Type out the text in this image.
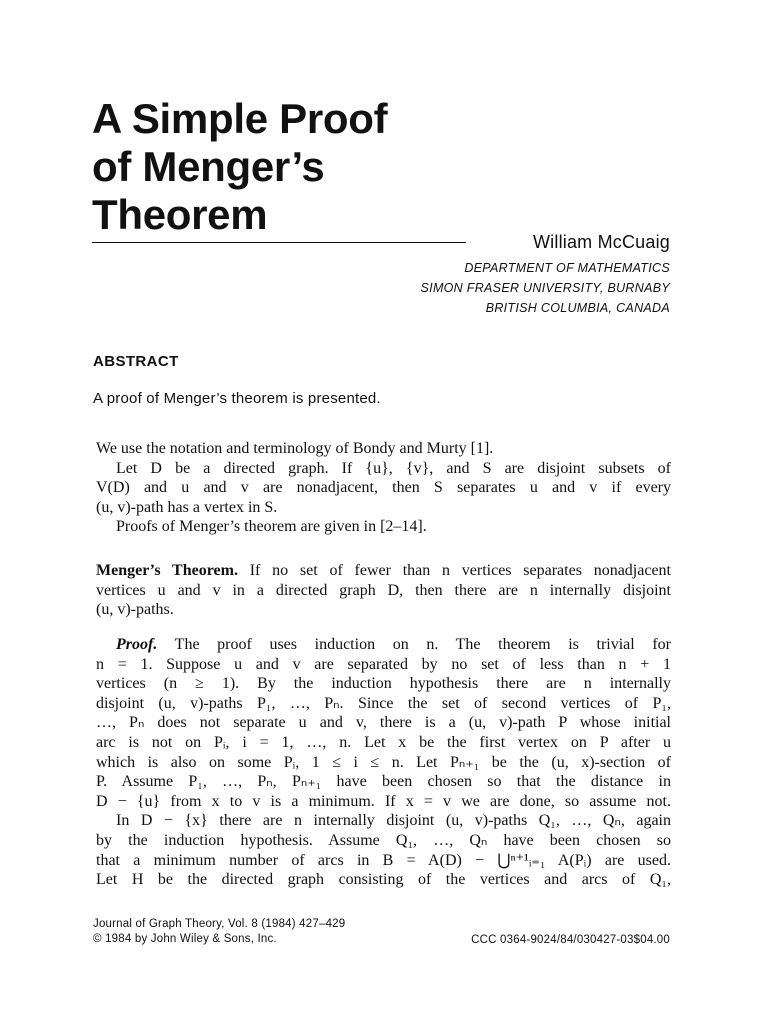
A Simple Proof
of Menger’s
Theorem
William McCuaig
DEPARTMENT OF MATHEMATICS
SIMON FRASER UNIVERSITY, BURNABY
BRITISH COLUMBIA, CANADA
ABSTRACT
A proof of Menger’s theorem is presented.

We use the notation and terminology of Bondy and Murty [1].
Let D be a directed graph. If {u}, {v}, and S are disjoint subsets of
V(D) and u and v are nonadjacent, then S separates u and v if every
(u, v)-path has a vertex in S.
Proofs of Menger’s theorem are given in [2–14].

Menger’s Theorem. If no set of fewer than n vertices separates nonadjacent
vertices u and v in a directed graph D, then there are n internally disjoint
(u, v)-paths.

Proof. The proof uses induction on n. The theorem is trivial for
n = 1. Suppose u and v are separated by no set of less than n + 1
vertices (n ≥ 1). By the induction hypothesis there are n internally
disjoint (u, v)-paths P₁, …, Pₙ. Since the set of second vertices of P₁,
…, Pₙ does not separate u and v, there is a (u, v)-path P whose initial
arc is not on Pᵢ, i = 1, …, n. Let x be the first vertex on P after u
which is also on some Pᵢ, 1 ≤ i ≤ n. Let Pₙ₊₁ be the (u, x)-section of
P. Assume P₁, …, Pₙ, Pₙ₊₁ have been chosen so that the distance in
D − {u} from x to v is a minimum. If x = v we are done, so assume not.
In D − {x} there are n internally disjoint (u, v)-paths Q₁, …, Qₙ, again
by the induction hypothesis. Assume Q₁, …, Qₙ have been chosen so
that a minimum number of arcs in B = A(D) − ⋃ⁿ⁺¹ᵢ₌₁ A(Pᵢ) are used.
Let H be the directed graph consisting of the vertices and arcs of Q₁,

Journal of Graph Theory, Vol. 8 (1984) 427–429
© 1984 by John Wiley & Sons, Inc.	CCC 0364-9024/84/030427-03$04.00
